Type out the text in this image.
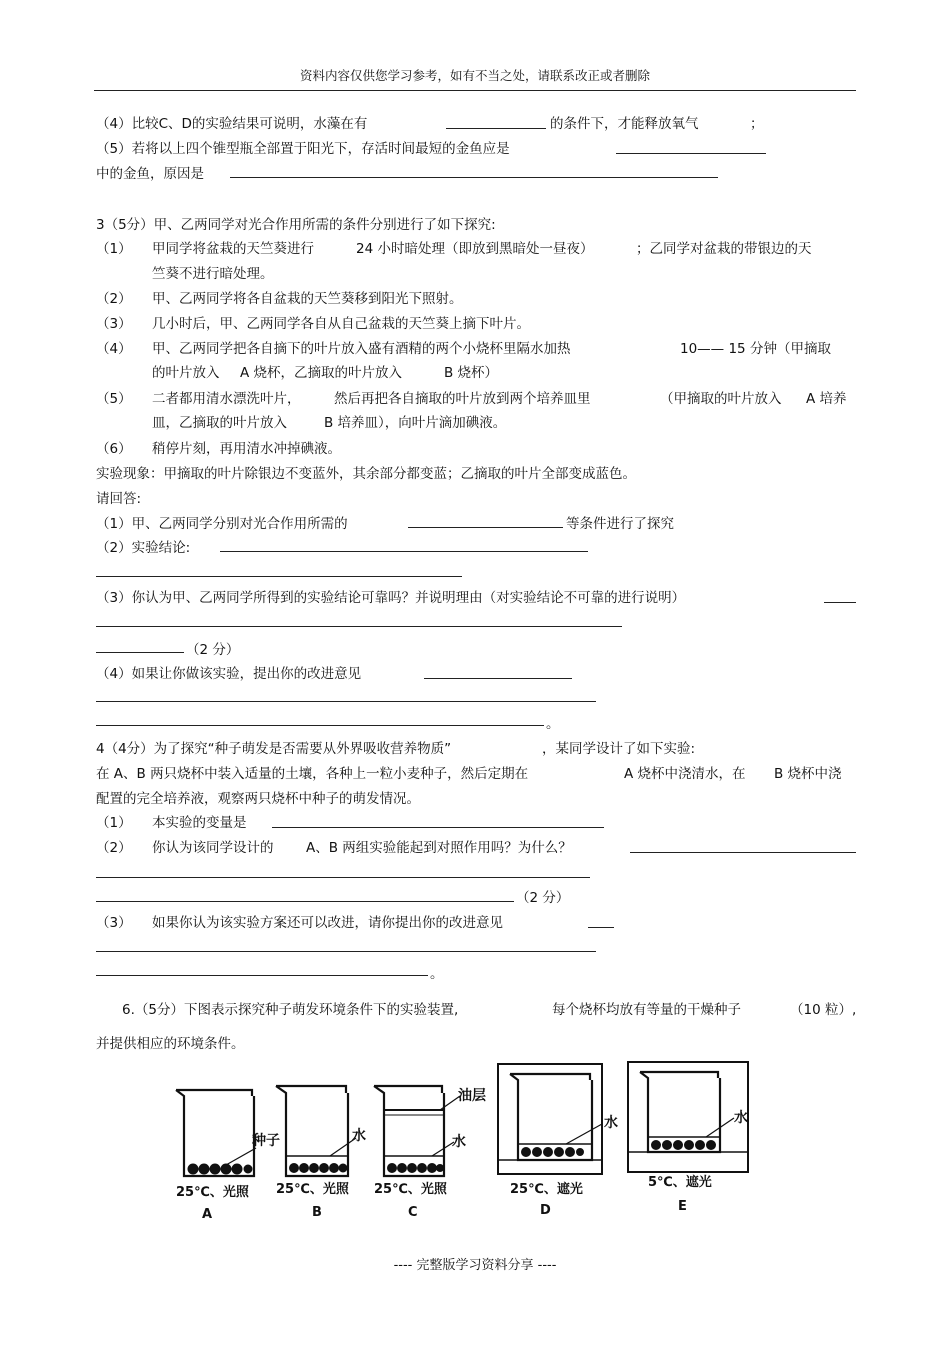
资料内容仅供您学习参考，如有不当之处，请联系改正或者删除
（4）比较C、D的实验结果可说明，水藻在有	的条件下，才能释放氧气	；
（5）若将以上四个锥型瓶全部置于阳光下，存活时间最短的金鱼应是
中的金鱼，原因是
3（5分）甲、乙两同学对光合作用所需的条件分别进行了如下探究:
（1） 甲同学将盆栽的天竺葵进行	24 小时暗处理（即放到黑暗处一昼夜）	；乙同学对盆栽的带银边的天
竺葵不进行暗处理。
（2） 甲、乙两同学将各自盆栽的天竺葵移到阳光下照射。
（3） 几小时后，甲、乙两同学各自从自己盆栽的天竺葵上摘下叶片。
（4） 甲、乙两同学把各自摘下的叶片放入盛有酒精的两个小烧杯里隔水加热	10—— 15 分钟（甲摘取
的叶片放入 A 烧杯，乙摘取的叶片放入	B 烧杯）
（5） 二者都用清水漂洗叶片， 然后再把各自摘取的叶片放到两个培养皿里	（甲摘取的叶片放入 A 培养
皿，乙摘取的叶片放入	B 培养皿），向叶片滴加碘液。
（6） 稍停片刻，再用清水冲掉碘液。
实验现象：甲摘取的叶片除银边不变蓝外，其余部分都变蓝；乙摘取的叶片全部变成蓝色。
请回答:
（1）甲、乙两同学分别对光合作用所需的	等条件进行了探究
（2）实验结论:
（3）你认为甲、乙两同学所得到的实验结论可靠吗？并说明理由（对实验结论不可靠的进行说明）
（2 分）
（4）如果让你做该实验，提出你的改进意见
。
4（4分）为了探究“种子萌发是否需要从外界吸收营养物质”	，某同学设计了如下实验:
在 A、B 两只烧杯中装入适量的土壤，各种上一粒小麦种子，然后定期在	A 烧杯中浇清水，在 B 烧杯中浇
配置的完全培养液，观察两只烧杯中种子的萌发情况。
（1） 本实验的变量是
（2） 你认为该同学设计的 A、B 两组实验能起到对照作用吗？为什么？
（2 分）
（3） 如果你认为该实验方案还可以改进，请你提出你的改进意见
。
6.（5分）下图表示探究种子萌发环境条件下的实验装置,	每个烧杯均放有等量的干燥种子	（10 粒）,
并提供相应的环境条件。
种子
25℃、光照
A
水
25℃、光照
B
油层
水
25℃、光照
C
水
25℃、遮光
D
水
5℃、遮光
E
---- 完整版学习资料分享 ----
